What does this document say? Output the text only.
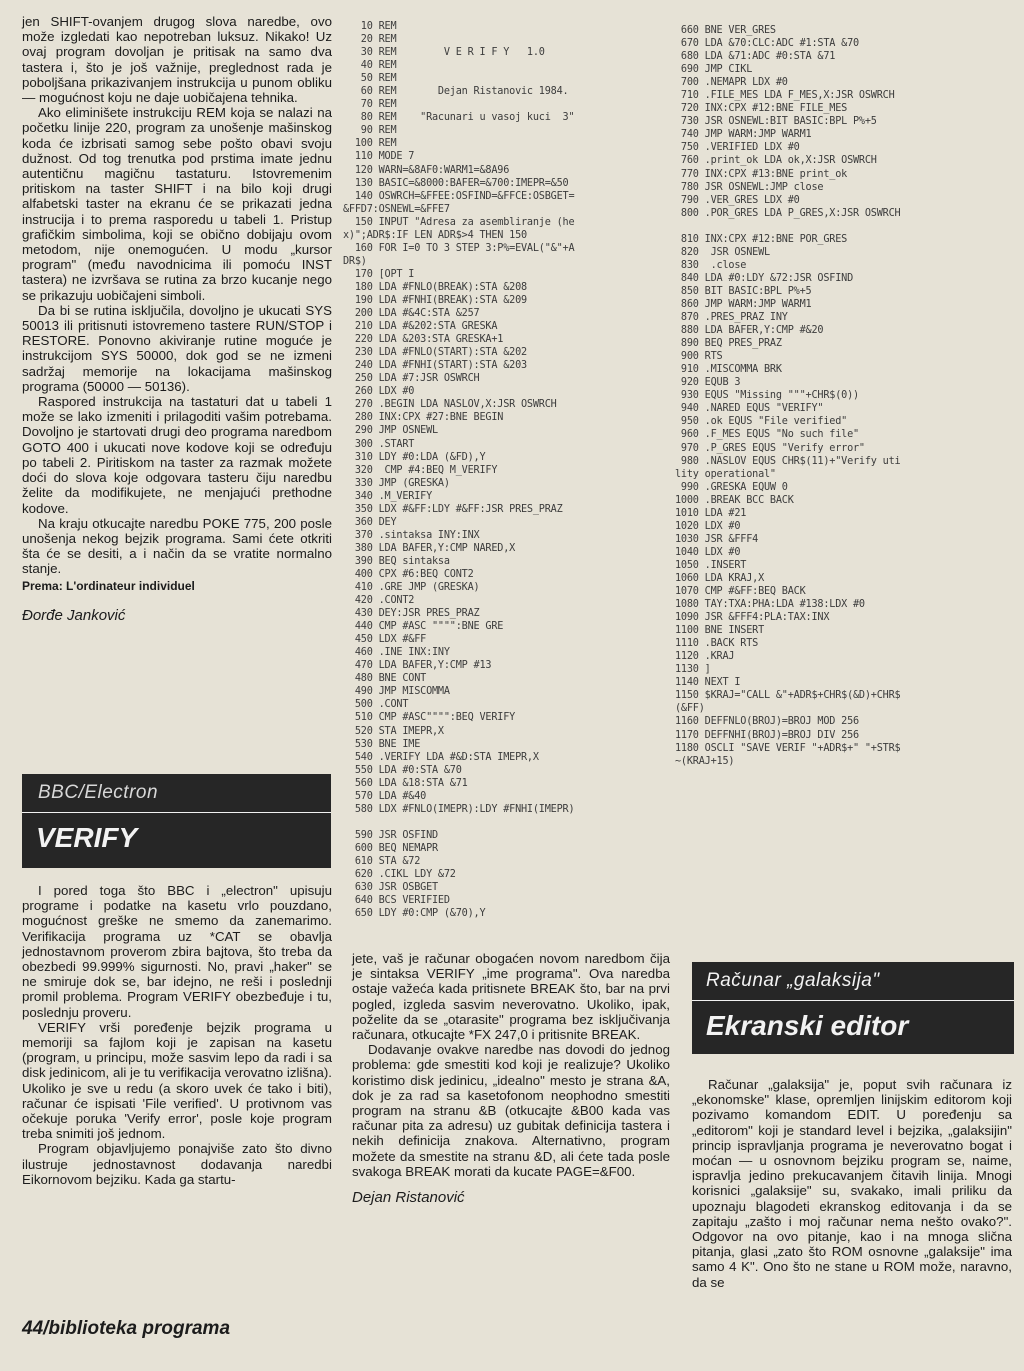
jen SHIFT-ovanjem drugog slova naredbe, ovo može izgledati kao nepotreban luksuz. Nikako! Uz ovaj program dovoljan je pritisak na samo dva tastera i, što je još važnije, preglednost rada je poboljšana prikazivanjem instrukcija u punom obliku — mogućnost koju ne daje uobičajena tehnika.

Ako eliminišete instrukciju REM koja se nalazi na početku linije 220, program za unošenje mašinskog koda će izbrisati samog sebe pošto obavi svoju dužnost. Od tog trenutka pod prstima imate jednu autentičnu magičnu tastaturu. Istovremenim pritiskom na taster SHIFT i na bilo koji drugi alfabetski taster na ekranu će se prikazati jedna instrucija i to prema rasporedu u tabeli 1. Pristup grafičkim simbolima, koji se obično dobijaju ovom metodom, nije onemogućen. U modu „kursor program" (među navodnicima ili pomoću INST tastera) ne izvršava se rutina za brzo kucanje nego se prikazuju uobičajeni simboli.

Da bi se rutina isključila, dovoljno je ukucati SYS 50013 ili pritisnuti istovremeno tastere RUN/STOP i RESTORE. Ponovno akiviranje rutine moguće je instrukcijom SYS 50000, dok god se ne izmeni sadržaj memorije na lokacijama mašinskog programa (50000 — 50136).

Raspored instrukcija na tastaturi dat u tabeli 1 može se lako izmeniti i prilagoditi vašim potrebama. Dovoljno je startovati drugi deo programa naredbom GOTO 400 i ukucati nove kodove koji se određuju po tabeli 2. Piritiskom na taster za razmak možete doći do slova koje odgovara tasteru čiju naredbu želite da modifikujete, ne menjajući prethodne kodove.

Na kraju otkucajte naredbu POKE 775, 200 posle unošenja nekog bejzik programa. Sami ćete otkriti šta će se desiti, a i način da se vratite normalno stanje.

Prema: L'ordinateur individuel
Đorđe Janković
BBC/Electron
VERIFY

I pored toga što BBC i „electron" upisuju programe i podatke na kasetu vrlo pouzdano, mogućnost greške ne smemo da zanemarimo. Verifikacija programa uz *CAT se obavlja jednostavnom proverom zbira bajtova, što treba da obezbedi 99.999% sigurnosti. No, pravi „haker" se ne smiruje dok se, bar idejno, ne reši i poslednji promil problema. Program VERIFY obezbeđuje i tu, poslednju proveru.

VERIFY vrši poređenje bejzik programa u memoriji sa fajlom koji je zapisan na kasetu (program, u principu, može sasvim lepo da radi i sa disk jedinicom, ali je tu verifikacija verovatno izlišna). Ukoliko je sve u redu (a skoro uvek će tako i biti), računar će ispisati 'File verified'. U protivnom vas očekuje poruka 'Verify error', posle koje program treba snimiti još jednom.

Program objavljujemo ponajviše zato što divno ilustruje jednostavnost dodavanja naredbi Eikornovom bejziku. Kada ga startu-

44/biblioteka programa
10 REM
20 REM
30 REM        V E R I F Y   1.0
40 REM
50 REM
60 REM       Dejan Ristanovic 1984.
70 REM
80 REM    "Racunari u vasoj kuci  3"
90 REM
100 REM
110 MODE 7
120 WARN=&8AF0:WARM1=&8A96
130 BASIC=&8000:BAFER=&700:IMEPR=&50
140 OSWRCH=&FFEE:OSFIND=&FFCE:OSBGET=
&FFD7:OSNEWL=&FFE7
150 INPUT "Adresa za asembliranje (he
x)";ADR$:IF LEN ADR$>4 THEN 150
160 FOR I=0 TO 3 STEP 3:P%=EVAL("&"+A
DR$)
170 [OPT I
180 LDA #FNLO(BREAK):STA &208
190 LDA #FNHI(BREAK):STA &209
200 LDA #&4C:STA &257
210 LDA #&202:STA GRESKA
220 LDA &203:STA GRESKA+1
230 LDA #FNLO(START):STA &202
240 LDA #FNHI(START):STA &203
250 LDA #7:JSR OSWRCH
260 LDX #0
270 .BEGIN LDA NASLOV,X:JSR OSWRCH
280 INX:CPX #27:BNE BEGIN
290 JMP OSNEWL
300 .START
310 LDY #0:LDA (&FD),Y
320  CMP #4:BEQ M_VERIFY
330 JMP (GRESKA)
340 .M_VERIFY
350 LDX #&FF:LDY #&FF:JSR PRES_PRAZ
360 DEY
370 .sintaksa INY:INX
380 LDA BAFER,Y:CMP NARED,X
390 BEQ sintaksa
400 CPX #6:BEQ CONT2
410 .GRE JMP (GRESKA)
420 .CONT2
430 DEY:JSR PRES_PRAZ
440 CMP #ASC """":BNE GRE
450 LDX #&FF
460 .INE INX:INY
470 LDA BAFER,Y:CMP #13
480 BNE CONT
490 JMP MISCOMMA
500 .CONT
510 CMP #ASC"""":BEQ VERIFY
520 STA IMEPR,X
530 BNE IME
540 .VERIFY LDA #&D:STA IMEPR,X
550 LDA #0:STA &70
560 LDA &18:STA &71
570 LDA #&40
580 LDX #FNLO(IMEPR):LDY #FNHI(IMEPR)

590 JSR OSFIND
600 BEQ NEMAPR
610 STA &72
620 .CIKL LDY &72
630 JSR OSBGET
640 BCS VERIFIED
650 LDY #0:CMP (&70),Y

jete, vaš je računar obogaćen novom naredbom čija je sintaksa VERIFY „ime programa". Ova naredba ostaje važeća kada pritisnete BREAK što, bar na prvi pogled, izgleda sasvim neverovatno. Ukoliko, ipak, poželite da se „otarasite" programa bez isključivanja računara, otkucajte *FX 247,0 i pritisnite BREAK.

Dodavanje ovakve naredbe nas dovodi do jednog problema: gde smestiti kod koji je realizuje? Ukoliko koristimo disk jedinicu, „idealno" mesto je strana &A, dok je za rad sa kasetofonom neophodno smestiti program na stranu &B (otkucajte &B00 kada vas računar pita za adresu) uz gubitak definicija tastera i nekih definicija znakova. Alternativno, program možete da smestite na stranu &D, ali ćete tada posle svakoga BREAK morati da kucate PAGE=&F00.

Dejan Ristanović
660 BNE VER_GRES
670 LDA &70:CLC:ADC #1:STA &70
680 LDA &71:ADC #0:STA &71
690 JMP CIKL
700 .NEMAPR LDX #0
710 .FILE_MES LDA F_MES,X:JSR OSWRCH
720 INX:CPX #12:BNE FILE_MES
730 JSR OSNEWL:BIT BASIC:BPL P%+5
740 JMP WARM:JMP WARM1
750 .VERIFIED LDX #0
760 .print_ok LDA ok,X:JSR OSWRCH
770 INX:CPX #13:BNE print_ok
780 JSR OSNEWL:JMP close
790 .VER_GRES LDX #0
800 .POR_GRES LDA P_GRES,X:JSR OSWRCH

810 INX:CPX #12:BNE POR_GRES
820  JSR OSNEWL
830  .close
840 LDA #0:LDY &72:JSR OSFIND
850 BIT BASIC:BPL P%+5
860 JMP WARM:JMP WARM1
870 .PRES_PRAZ INY
880 LDA BAFER,Y:CMP #&20
890 BEQ PRES_PRAZ
900 RTS
910 .MISCOMMA BRK
920 EQUB 3
930 EQUS "Missing """+CHR$(0))
940 .NARED EQUS "VERIFY"
950 .ok EQUS "File verified"
960 .F_MES EQUS "No such file"
970 .P_GRES EQUS "Verify error"
980 .NASLOV EQUS CHR$(11)+"Verify uti
lity operational"
990 .GRESKA EQUW 0
1000 .BREAK BCC BACK
1010 LDA #21
1020 LDX #0
1030 JSR &FFF4
1040 LDX #0
1050 .INSERT
1060 LDA KRAJ,X
1070 CMP #&FF:BEQ BACK
1080 TAY:TXA:PHA:LDA #138:LDX #0
1090 JSR &FFF4:PLA:TAX:INX
1100 BNE INSERT
1110 .BACK RTS
1120 .KRAJ
1130 ]
1140 NEXT I
1150 $KRAJ="CALL &"+ADR$+CHR$(&D)+CHR$
(&FF)
1160 DEFFNLO(BROJ)=BROJ MOD 256
1170 DEFFNHI(BROJ)=BROJ DIV 256
1180 OSCLI "SAVE VERIF "+ADR$+" "+STR$
~(KRAJ+15)
Računar „galaksija"
Ekranski editor

Računar „galaksija" je, poput svih računara iz „ekonomske" klase, opremljen linijskim editorom koji pozivamo komandom EDIT. U poređenju sa „editorom" koji je standard level i bejzika, „galaksijin" princip ispravljanja programa je neverovatno bogat i moćan — u osnovnom bejziku program se, naime, ispravlja jedino prekucavanjem čitavih linija. Mnogi korisnici „galaksije" su, svakako, imali priliku da upoznaju blagodeti ekranskog editovanja i da se zapitaju „zašto i moj računar nema nešto ovako?". Odgovor na ovo pitanje, kao i na mnoga slična pitanja, glasi „zato što ROM osnovne „galaksije" ima samo 4 K". Ono što ne stane u ROM može, naravno, da se
